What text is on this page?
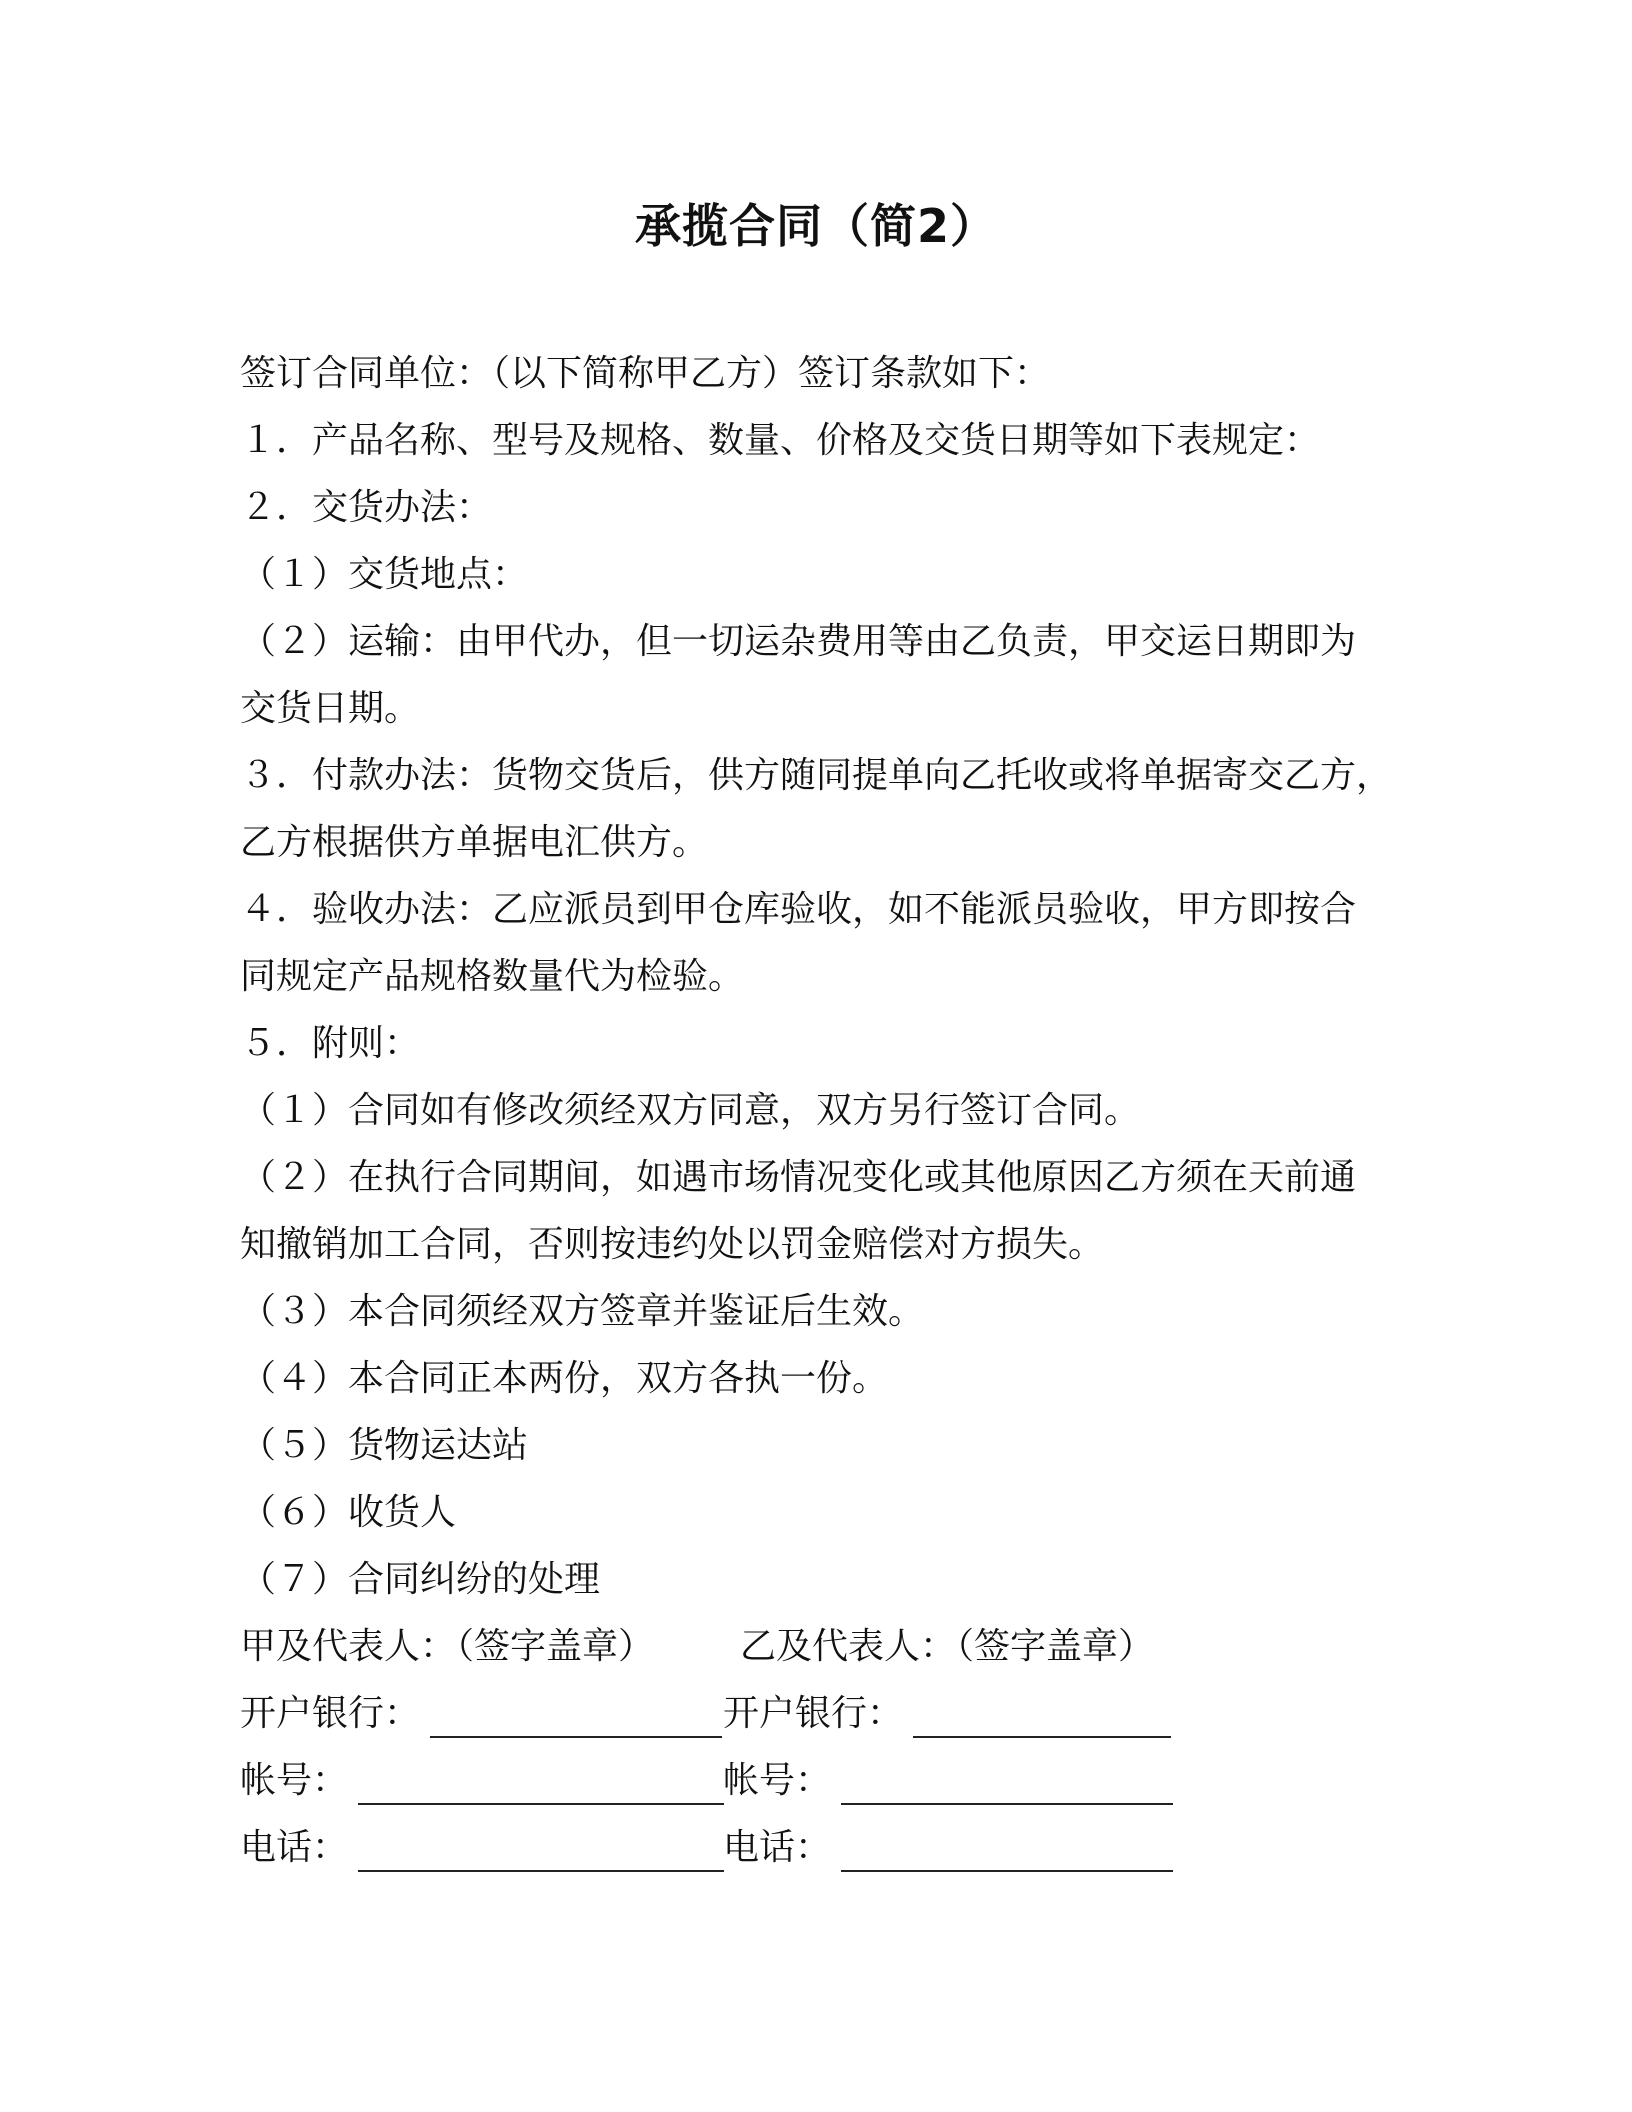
承揽合同（简2）
签订合同单位：（以下简称甲乙方）签订条款如下：
１．产品名称、型号及规格、数量、价格及交货日期等如下表规定：
２．交货办法：
（１）交货地点：
（２）运输：由甲代办，但一切运杂费用等由乙负责，甲交运日期即为
交货日期。
３．付款办法：货物交货后，供方随同提单向乙托收或将单据寄交乙方，
乙方根据供方单据电汇供方。
４．验收办法：乙应派员到甲仓库验收，如不能派员验收，甲方即按合
同规定产品规格数量代为检验。
５．附则：
（１）合同如有修改须经双方同意，双方另行签订合同。
（２）在执行合同期间，如遇市场情况变化或其他原因乙方须在天前通
知撤销加工合同，否则按违约处以罚金赔偿对方损失。
（３）本合同须经双方签章并鉴证后生效。
（４）本合同正本两份，双方各执一份。
（５）货物运达站
（６）收货人
（７）合同纠纷的处理
甲及代表人：（签字盖章） 乙及代表人：（签字盖章）
开户银行：	开户银行：
帐号：	帐号：
电话：	电话：
